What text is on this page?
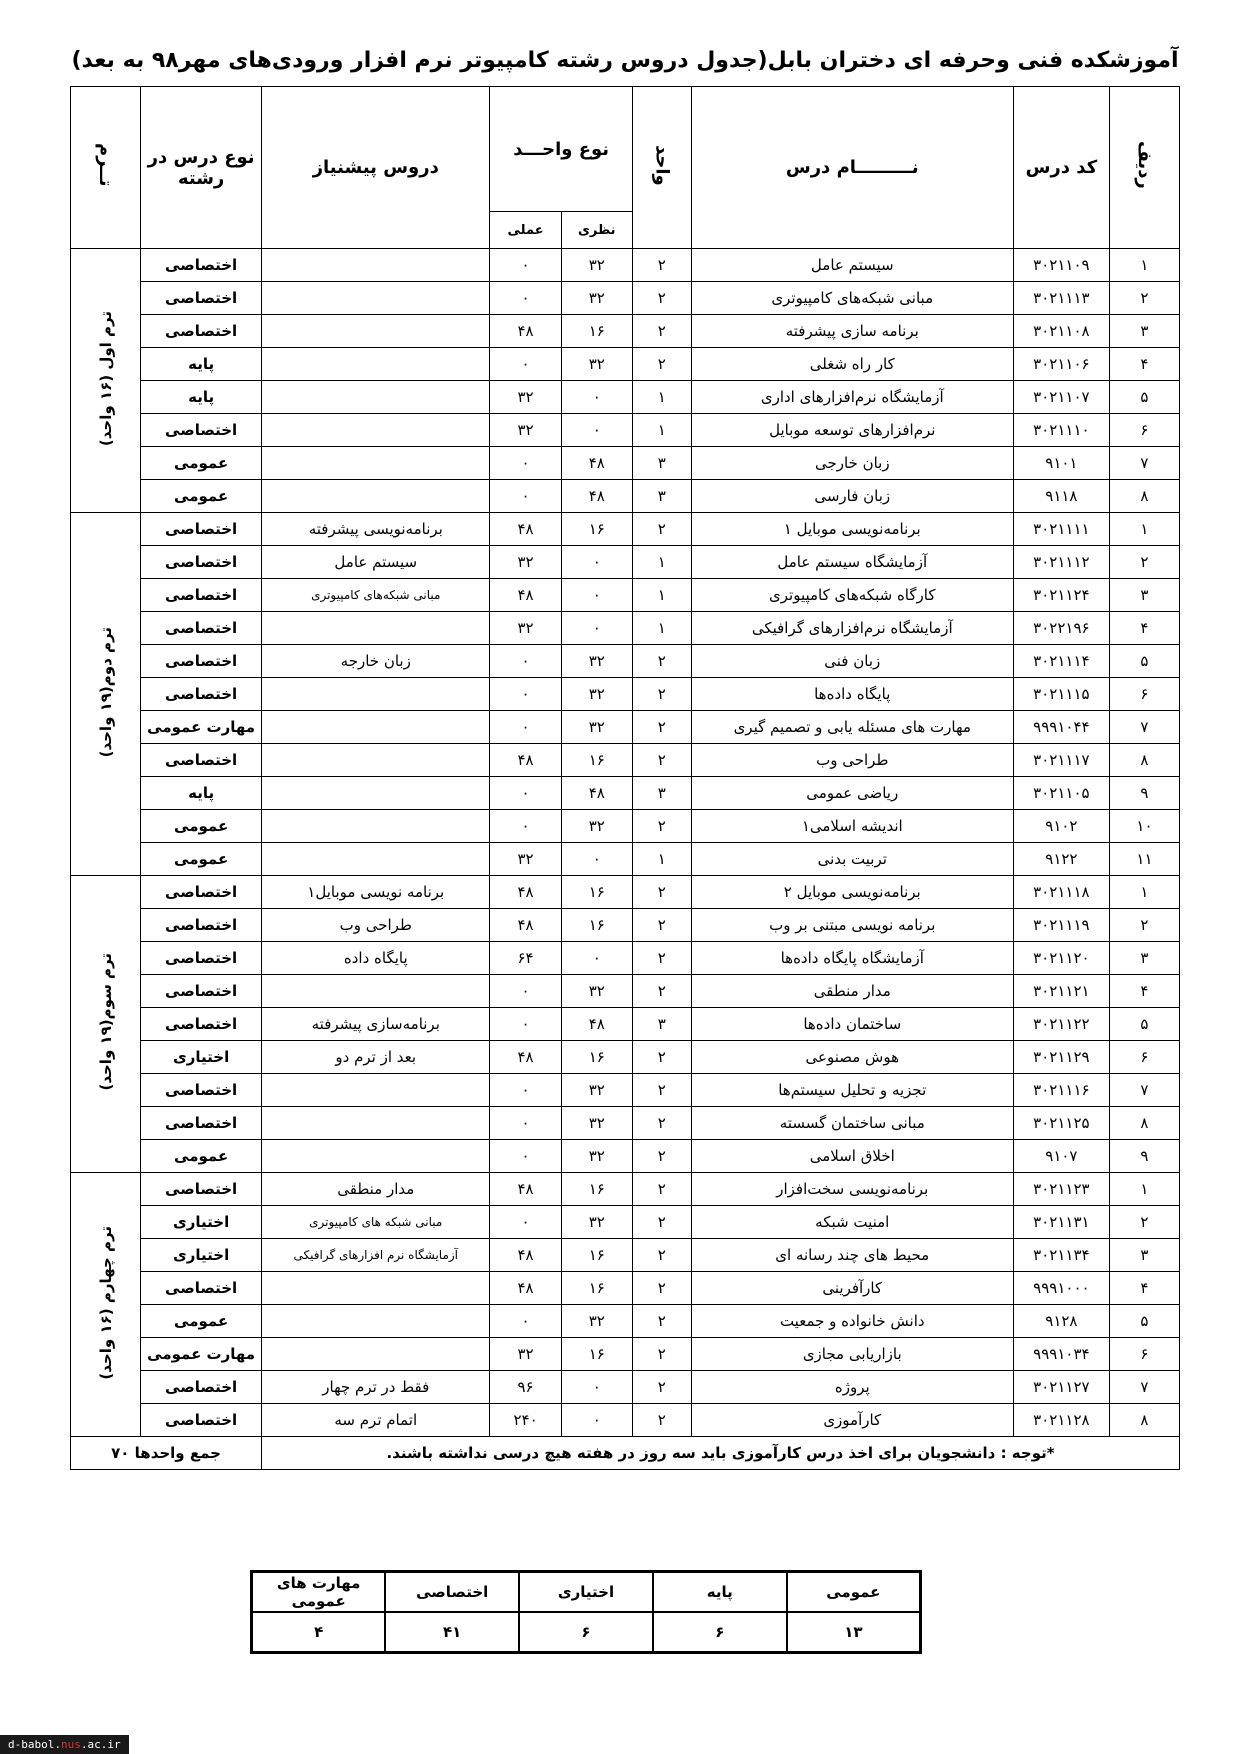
آموزشکده فنی وحرفه ای دختران بابل(جدول دروس رشته کامپیوتر نرم افزار ورودی‌های مهر۹۸ به بعد)
ردیف	کد درس	نـــــــــام درس	واحد	نوع واحـــد		دروس پیشنیاز	نوع درس در رشته	تــرم
				نظری	عملی			
۱	۳۰۲۱۱۰۹	سیستم عامل	۲	۳۲	۰		اختصاصی	ترم اول (۱۶ واحد)
۲	۳۰۲۱۱۱۳	مبانی شبکه‌های کامپیوتری	۲	۳۲	۰		اختصاصی	
۳	۳۰۲۱۱۰۸	برنامه سازی پیشرفته	۲	۱۶	۴۸		اختصاصی	
۴	۳۰۲۱۱۰۶	کار راه شغلی	۲	۳۲	۰		پایه	
۵	۳۰۲۱۱۰۷	آزمایشگاه نرم‌افزارهای اداری	۱	۰	۳۲		پایه	
۶	۳۰۲۱۱۱۰	نرم‌افزارهای توسعه موبایل	۱	۰	۳۲		اختصاصی	
۷	۹۱۰۱	زبان خارجی	۳	۴۸	۰		عمومی	
۸	۹۱۱۸	زبان فارسی	۳	۴۸	۰		عمومی	
۱	۳۰۲۱۱۱۱	برنامه‌نویسی موبایل ۱	۲	۱۶	۴۸	برنامه‌نویسی پیشرفته	اختصاصی	ترم دوم(۱۹ واحد)
۲	۳۰۲۱۱۱۲	آزمایشگاه سیستم عامل	۱	۰	۳۲	سیستم عامل	اختصاصی	
۳	۳۰۲۱۱۲۴	کارگاه شبکه‌های کامپیوتری	۱	۰	۴۸	مبانی شبکه‌های کامپیوتری	اختصاصی	
۴	۳۰۲۲۱۹۶	آزمایشگاه نرم‌افزارهای گرافیکی	۱	۰	۳۲		اختصاصی	
۵	۳۰۲۱۱۱۴	زبان فنی	۲	۳۲	۰	زبان خارجه	اختصاصی	
۶	۳۰۲۱۱۱۵	پایگاه داده‌ها	۲	۳۲	۰		اختصاصی	
۷	۹۹۹۱۰۴۴	مهارت های مسئله یابی و تصمیم گیری	۲	۳۲	۰		مهارت عمومی	
۸	۳۰۲۱۱۱۷	طراحی وب	۲	۱۶	۴۸		اختصاصی	
۹	۳۰۲۱۱۰۵	ریاضی عمومی	۳	۴۸	۰		پایه	
۱۰	۹۱۰۲	اندیشه اسلامی۱	۲	۳۲	۰		عمومی	
۱۱	۹۱۲۲	تربیت بدنی	۱	۰	۳۲		عمومی	
۱	۳۰۲۱۱۱۸	برنامه‌نویسی موبایل ۲	۲	۱۶	۴۸	برنامه نویسی موبایل۱	اختصاصی	ترم سوم(۱۹ واحد)
۲	۳۰۲۱۱۱۹	برنامه نویسی مبتنی بر وب	۲	۱۶	۴۸	طراحی وب	اختصاصی	
۳	۳۰۲۱۱۲۰	آزمایشگاه پایگاه داده‌ها	۲	۰	۶۴	پایگاه داده	اختصاصی	
۴	۳۰۲۱۱۲۱	مدار منطقی	۲	۳۲	۰		اختصاصی	
۵	۳۰۲۱۱۲۲	ساختمان داده‌ها	۳	۴۸	۰	برنامه‌سازی پیشرفته	اختصاصی	
۶	۳۰۲۱۱۲۹	هوش مصنوعی	۲	۱۶	۴۸	بعد از ترم دو	اختیاری	
۷	۳۰۲۱۱۱۶	تجزیه و تحلیل سیستم‌ها	۲	۳۲	۰		اختصاصی	
۸	۳۰۲۱۱۲۵	مبانی ساختمان گسسته	۲	۳۲	۰		اختصاصی	
۹	۹۱۰۷	اخلاق اسلامی	۲	۳۲	۰		عمومی	
۱	۳۰۲۱۱۲۳	برنامه‌نویسی سخت‌افزار	۲	۱۶	۴۸	مدار منطقی	اختصاصی	ترم چهارم (۱۶ واحد)
۲	۳۰۲۱۱۳۱	امنیت شبکه	۲	۳۲	۰	مبانی شبکه های کامپیوتری	اختیاری	
۳	۳۰۲۱۱۳۴	محیط های چند رسانه ای	۲	۱۶	۴۸	آزمایشگاه نرم افزارهای گرافیکی	اختیاری	
۴	۹۹۹۱۰۰۰	کارآفرینی	۲	۱۶	۴۸		اختصاصی	
۵	۹۱۲۸	دانش خانواده و جمعیت	۲	۳۲	۰		عمومی	
۶	۹۹۹۱۰۳۴	بازاریابی مجازی	۲	۱۶	۳۲		مهارت عمومی	
۷	۳۰۲۱۱۲۷	پروژه	۲	۰	۹۶	فقط در ترم چهار	اختصاصی	
۸	۳۰۲۱۱۲۸	کارآموزی	۲	۰	۲۴۰	اتمام ترم سه	اختصاصی	
*توجه : دانشجویان برای اخذ درس کارآموزی باید سه روز در هفته هیچ درسی نداشته باشند.							جمع واحدها ۷۰	
مهارت های عمومی	اختصاصی	اختیاری	پایه	عمومی
۴	۴۱	۶	۶	۱۳
d-babol.nus.ac.ir
